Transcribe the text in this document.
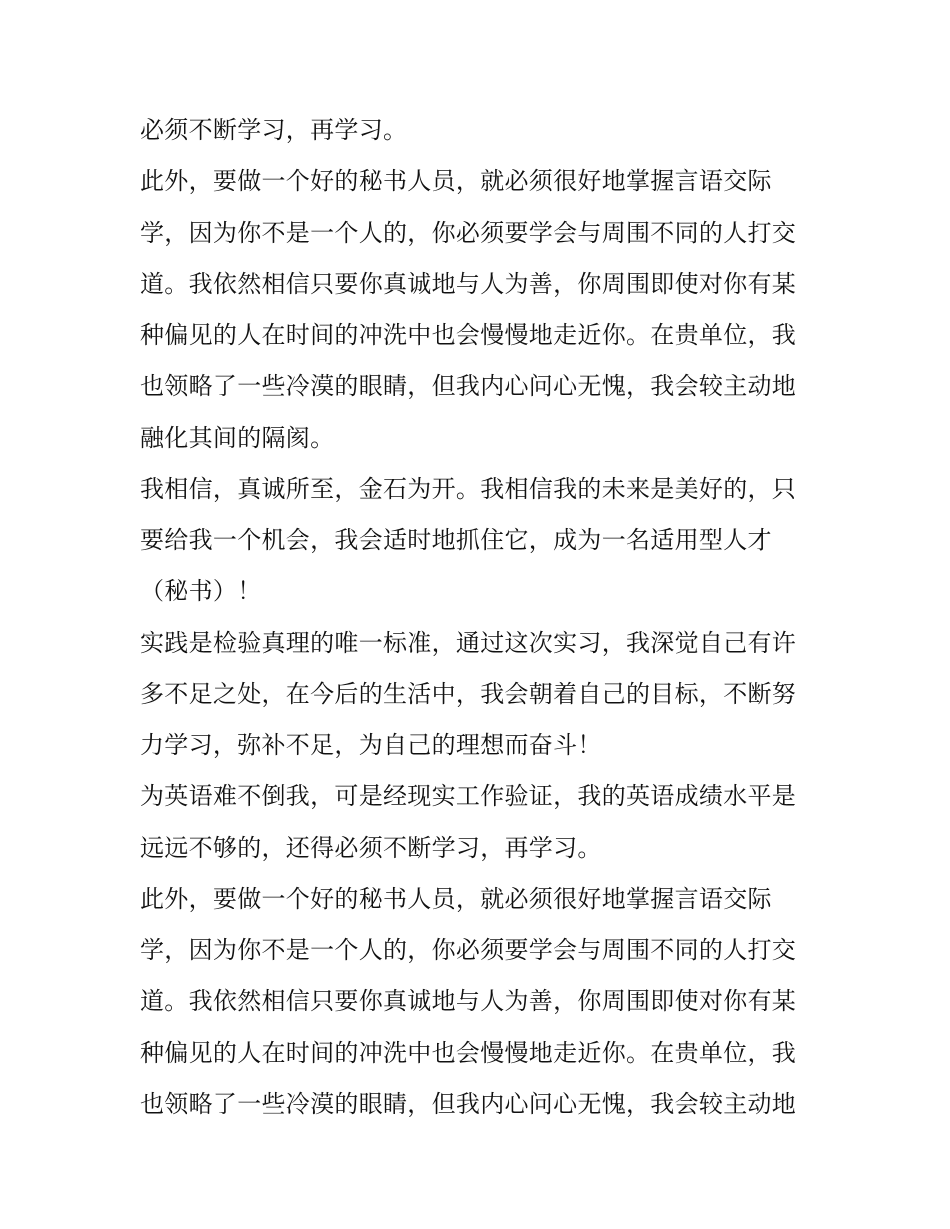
必须不断学习，再学习。
此外，要做一个好的秘书人员，就必须很好地掌握言语交际
学，因为你不是一个人的，你必须要学会与周围不同的人打交
道。我依然相信只要你真诚地与人为善，你周围即使对你有某
种偏见的人在时间的冲洗中也会慢慢地走近你。在贵单位，我
也领略了一些冷漠的眼睛，但我内心问心无愧，我会较主动地
融化其间的隔阂。
我相信，真诚所至，金石为开。我相信我的未来是美好的，只
要给我一个机会，我会适时地抓住它，成为一名适用型人才
（秘书）！
实践是检验真理的唯一标准，通过这次实习，我深觉自己有许
多不足之处，在今后的生活中，我会朝着自己的目标，不断努
力学习，弥补不足，为自己的理想而奋斗！
为英语难不倒我，可是经现实工作验证，我的英语成绩水平是
远远不够的，还得必须不断学习，再学习。
此外，要做一个好的秘书人员，就必须很好地掌握言语交际
学，因为你不是一个人的，你必须要学会与周围不同的人打交
道。我依然相信只要你真诚地与人为善，你周围即使对你有某
种偏见的人在时间的冲洗中也会慢慢地走近你。在贵单位，我
也领略了一些冷漠的眼睛，但我内心问心无愧，我会较主动地
